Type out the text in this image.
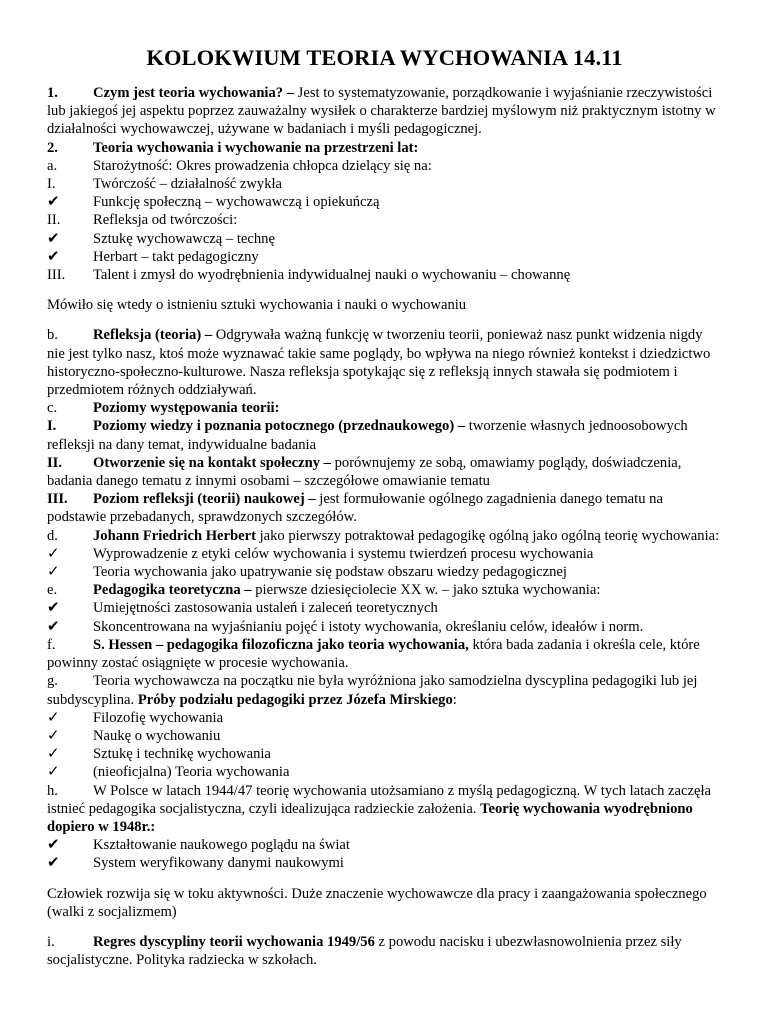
KOLOKWIUM TEORIA WYCHOWANIA 14.11

1. Czym jest teoria wychowania? – Jest to systematyzowanie, porządkowanie i wyjaśnianie rzeczywistości lub jakiegoś jej aspektu poprzez zauważalny wysiłek o charakterze bardziej myślowym niż praktycznym istotny w działalności wychowawczej, używane w badaniach i myśli pedagogicznej.

2. Teoria wychowania i wychowanie na przestrzeni lat:

a. Starożytność: Okres prowadzenia chłopca dzielący się na:

I.	Twórczość – działalność zwykła

✔ Funkcję społeczną – wychowawczą i opiekuńczą

II. Refleksja od twórczości:

✔ Sztukę wychowawczą – technę

✔ Herbart – takt pedagogiczny

III. Talent i zmysł do wyodrębnienia indywidualnej nauki o wychowaniu – chowannę

Mówiło się wtedy o istnieniu sztuki wychowania i nauki o wychowaniu

b. Refleksja (teoria) – Odgrywała ważną funkcję w tworzeniu teorii, ponieważ nasz punkt widzenia nigdy nie jest tylko nasz, ktoś może wyznawać takie same poglądy, bo wpływa na niego również kontekst i dziedzictwo historyczno-społeczno-kulturowe. Nasza refleksja spotykając się z refleksją innych stawała się podmiotem i przedmiotem różnych oddziaływań.

c. Poziomy występowania teorii:

I.	Poziomy wiedzy i poznania potocznego (przednaukowego) – tworzenie własnych jednoosobowych refleksji na dany temat, indywidualne badania

II. Otworzenie się na kontakt społeczny – porównujemy ze sobą, omawiamy poglądy, doświadczenia, badania danego tematu z innymi osobami – szczegółowe omawianie tematu

III. Poziom refleksji (teorii) naukowej – jest formułowanie ogólnego zagadnienia danego tematu na podstawie przebadanych, sprawdzonych szczegółów.

d. Johann Friedrich Herbert jako pierwszy potraktował pedagogikę ogólną jako ogólną teorię wychowania:

✓ Wyprowadzenie z etyki celów wychowania i systemu twierdzeń procesu wychowania

✓ Teoria wychowania jako upatrywanie się podstaw obszaru wiedzy pedagogicznej

e. Pedagogika teoretyczna – pierwsze dziesięciolecie XX w. – jako sztuka wychowania:

✔ Umiejętności zastosowania ustaleń i zaleceń teoretycznych

✔ Skoncentrowana na wyjaśnianiu pojęć i istoty wychowania, określaniu celów, ideałów i norm.

f.	S. Hessen – pedagogika filozoficzna jako teoria wychowania, która bada zadania i określa cele, które powinny zostać osiągnięte w procesie wychowania.

g. Teoria wychowawcza na początku nie była wyróżniona jako samodzielna dyscyplina pedagogiki lub jej subdyscyplina. Próby podziału pedagogiki przez Józefa Mirskiego:

✓ Filozofię wychowania

✓ Naukę o wychowaniu

✓ Sztukę i technikę wychowania

✓ (nieoficjalna) Teoria wychowania

h. W Polsce w latach 1944/47 teorię wychowania utożsamiano z myślą pedagogiczną. W tych latach zaczęła istnieć pedagogika socjalistyczna, czyli idealizująca radzieckie założenia. Teorię wychowania wyodrębniono dopiero w 1948r.:

✔ Kształtowanie naukowego poglądu na świat

✔ System weryfikowany danymi naukowymi

Człowiek rozwija się w toku aktywności. Duże znaczenie wychowawcze dla pracy i zaangażowania społecznego (walki z socjalizmem)

i.	Regres dyscypliny teorii wychowania 1949/56 z powodu nacisku i ubezwłasnowolnienia przez siły socjalistyczne. Polityka radziecka w szkołach.
